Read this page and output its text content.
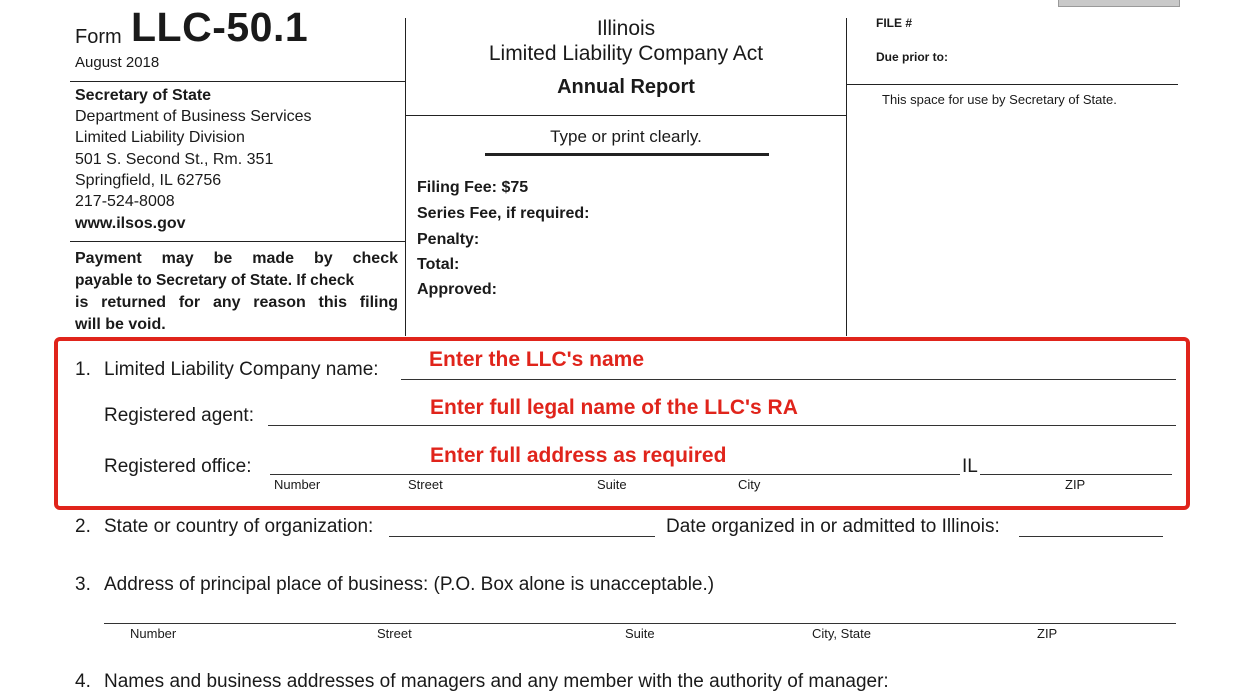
Form LLC-50.1
August 2018
Secretary of State
Department of Business Services
Limited Liability Division
501 S. Second St., Rm. 351
Springfield, IL 62756
217-524-8008
www.ilsos.gov
Payment may be made by check
payable to Secretary of State. If check
is returned for any reason this filing
will be void.
Illinois
Limited Liability Company Act
Annual Report
Type or print clearly.
Filing Fee: $75
Series Fee, if required:
Penalty:
Total:
Approved:
FILE #
Due prior to:
This space for use by Secretary of State.
1. Limited Liability Company name: Enter the LLC's name
Registered agent:	Enter full legal name of the LLC's RA
Registered office:	IL
Enter full address as required
Number	Street	Suite	City	ZIP
2. State or country of organization:	Date organized in or admitted to Illinois:
3. Address of principal place of business: (P.O. Box alone is unacceptable.)
Number	Street	Suite	City, State	ZIP
4. Names and business addresses of managers and any member with the authority of manager:
